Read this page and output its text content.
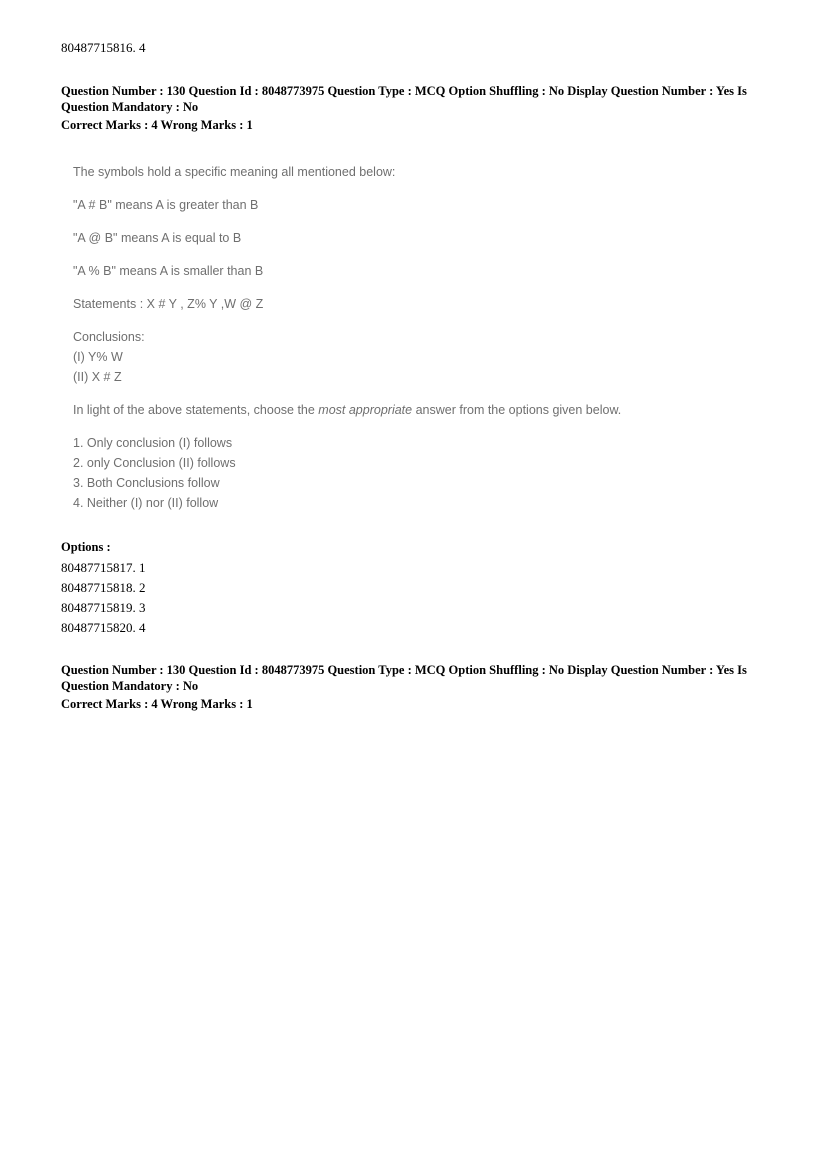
80487715816. 4

Question Number : 130 Question Id : 8048773975 Question Type : MCQ Option Shuffling : No Display Question Number : Yes Is Question Mandatory : No

Correct Marks : 4 Wrong Marks : 1

The symbols hold a specific meaning all mentioned below:

"A # B" means A is greater than B

"A @ B" means A is equal to B

"A % B" means A is smaller than B

Statements : X # Y , Z% Y ,W @ Z

Conclusions:

(I) Y% W

(II) X # Z

In light of the above statements, choose the most appropriate answer from the options given below.

1. Only conclusion (I) follows

2. only Conclusion (II) follows

3. Both Conclusions follow

4. Neither (I) nor (II) follow

Options :
80487715817. 1
80487715818. 2
80487715819. 3
80487715820. 4

Question Number : 130 Question Id : 8048773975 Question Type : MCQ Option Shuffling : No Display Question Number : Yes Is Question Mandatory : No

Correct Marks : 4 Wrong Marks : 1
